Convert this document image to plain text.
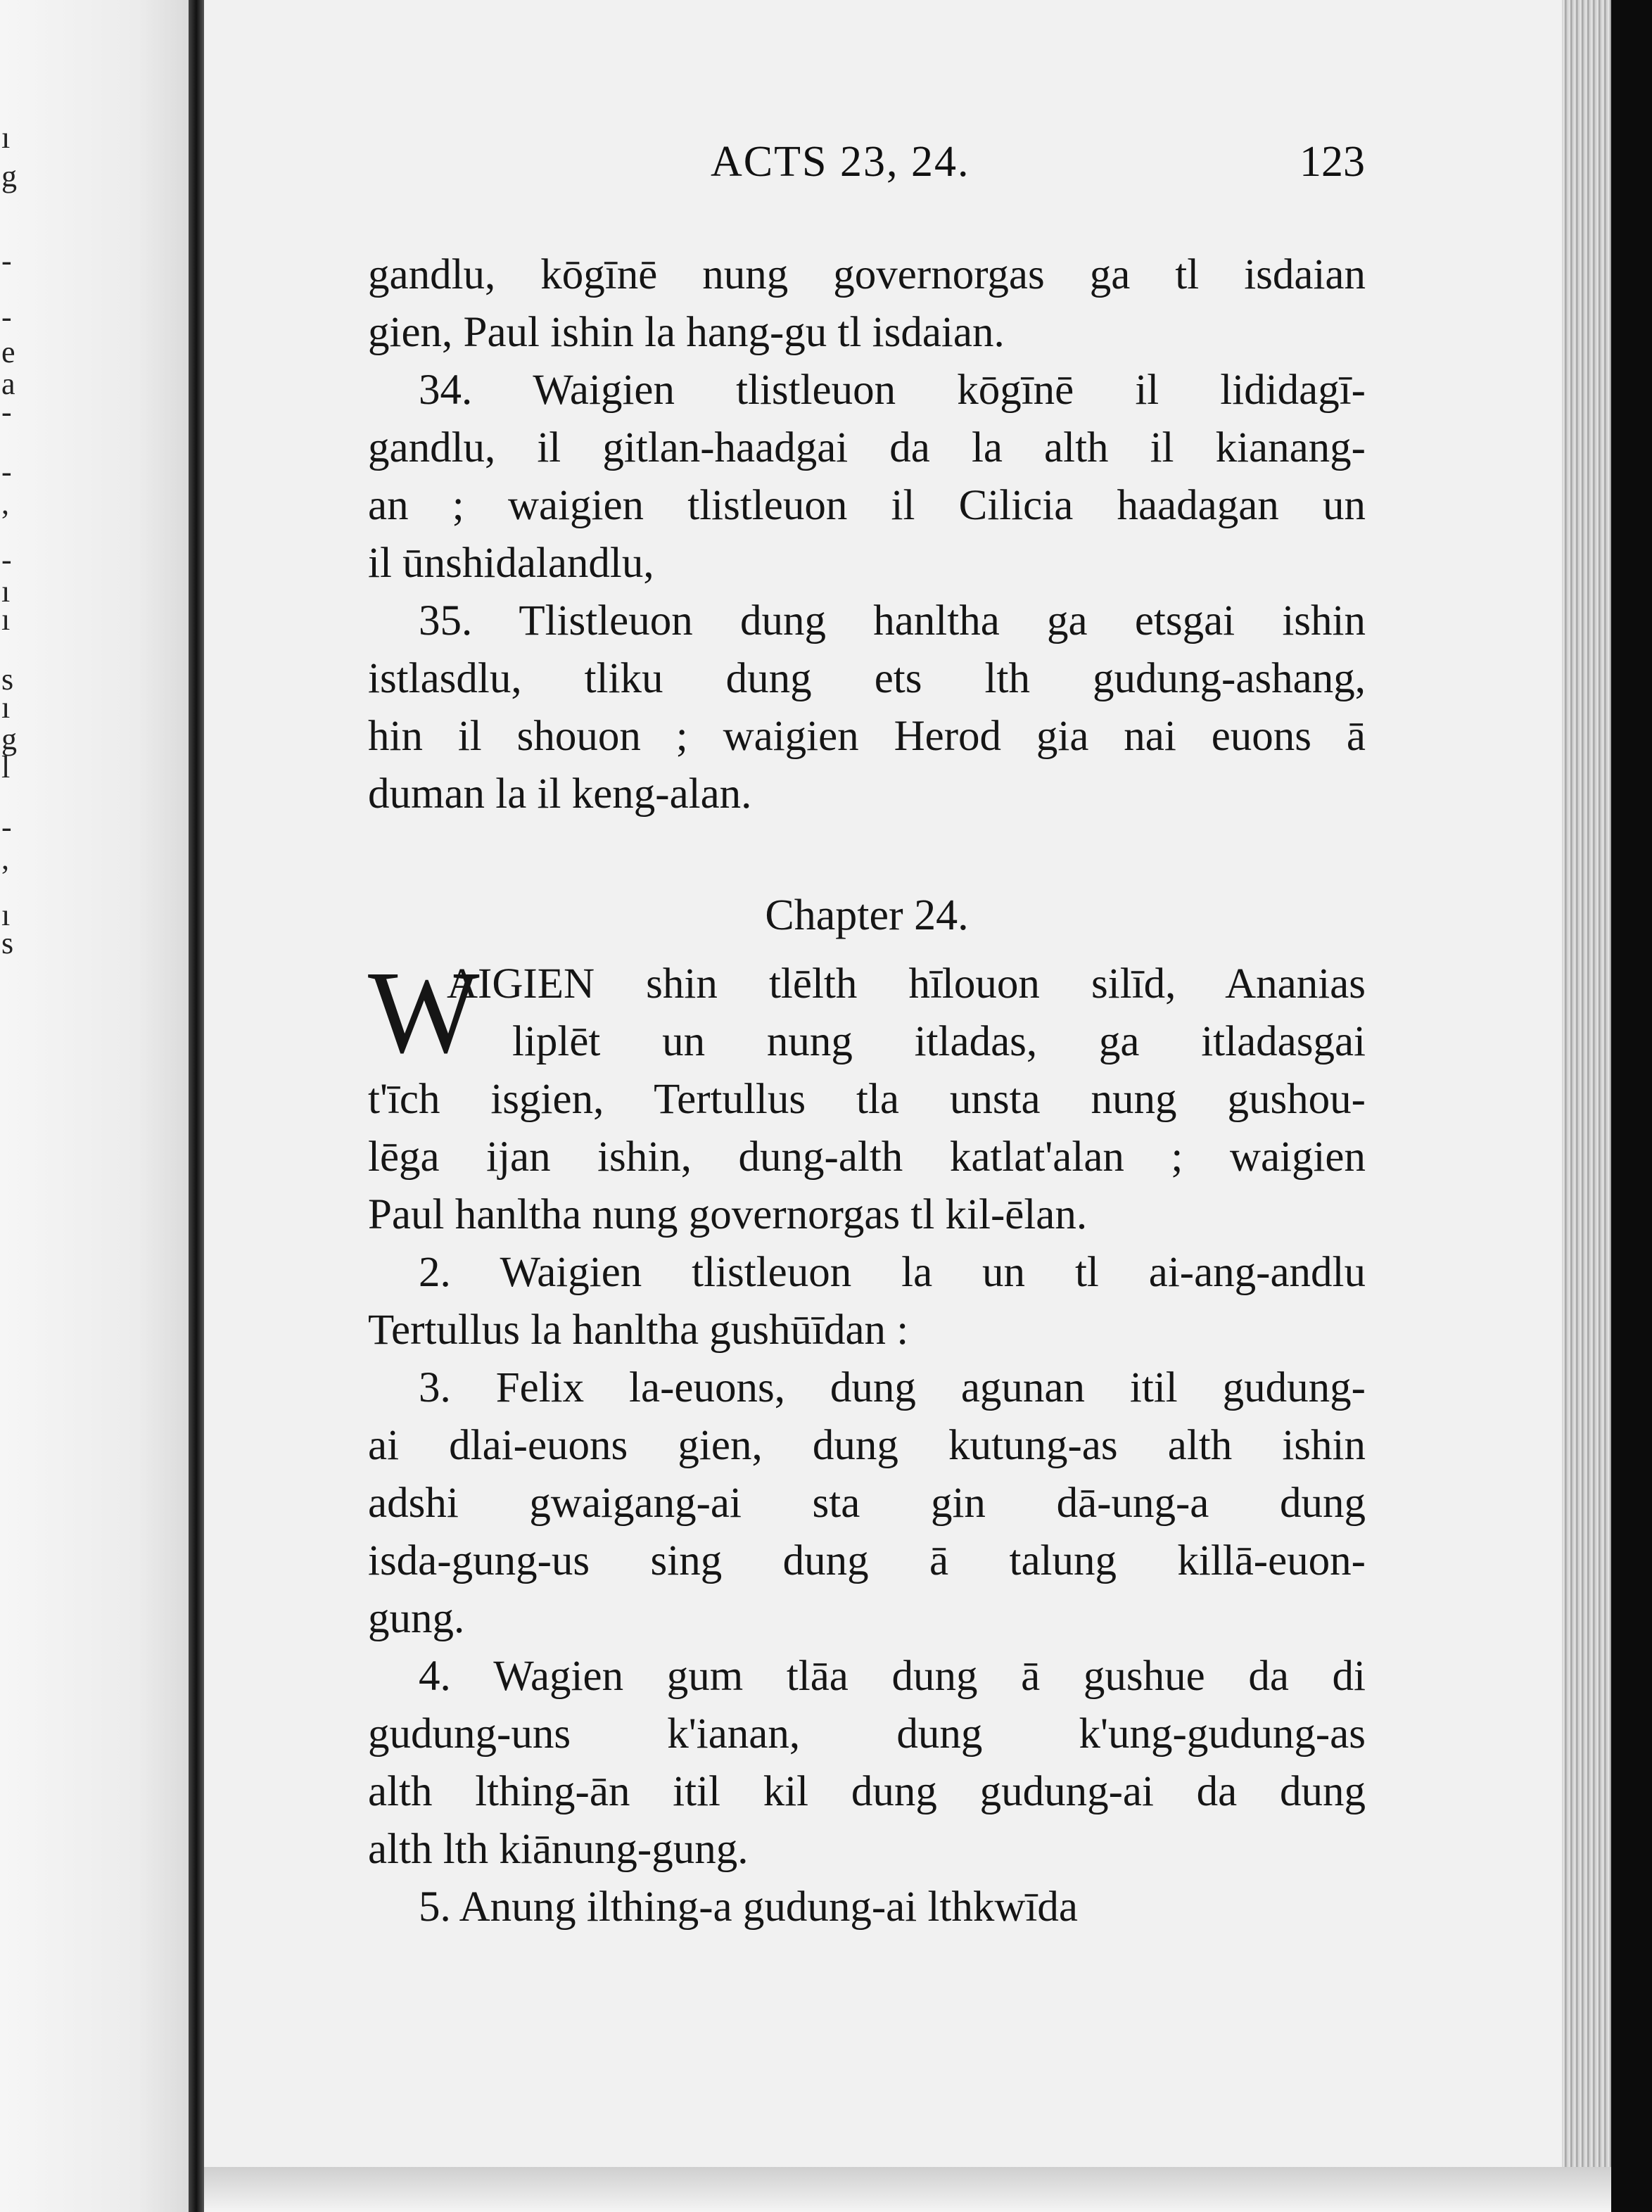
ı
g
-
-
e
a
-
-
,
-
ı
ı
s
ı
g
l
-
,
ı
s
ACTS 23, 24.	123
gandlu, kōgīnē nung governorgas ga tl isdaian
gien, Paul ishin la hang-gu tl isdaian.
34. Waigien tlistleuon kōgīnē il lididagī-
gandlu, il gitlan-haadgai da la alth il kianang-
an ; waigien tlistleuon il Cilicia haadagan un
il ūnshidalandlu,
35. Tlistleuon dung hanltha ga etsgai ishin
istlasdlu, tliku dung ets lth gudung-ashang,
hin il shouon ; waigien Herod gia nai euons ā
duman la il keng-alan.
Chapter 24.
W
AIGIEN shin tlēlth hīlouon silīd, Ananias
liplēt un nung itladas, ga itladasgai
t'īch isgien, Tertullus tla unsta nung gushou-
lēga ijan ishin, dung-alth katlat'alan ; waigien
Paul hanltha nung governorgas tl kil-ēlan.
2. Waigien tlistleuon la un tl ai-ang-andlu
Tertullus la hanltha gushūīdan :
3. Felix la-euons, dung agunan itil gudung-
ai dlai-euons gien, dung kutung-as alth ishin
adshi gwaigang-ai sta gin dā-ung-a dung
isda-gung-us sing dung ā talung killā-euon-
gung.
4. Wagien gum tlāa dung ā gushue da di
gudung-uns k'ianan, dung k'ung-gudung-as
alth lthing-ān itil kil dung gudung-ai da dung
alth lth kiānung-gung.
5. Anung ilthing-a gudung-ai lthkwīda
